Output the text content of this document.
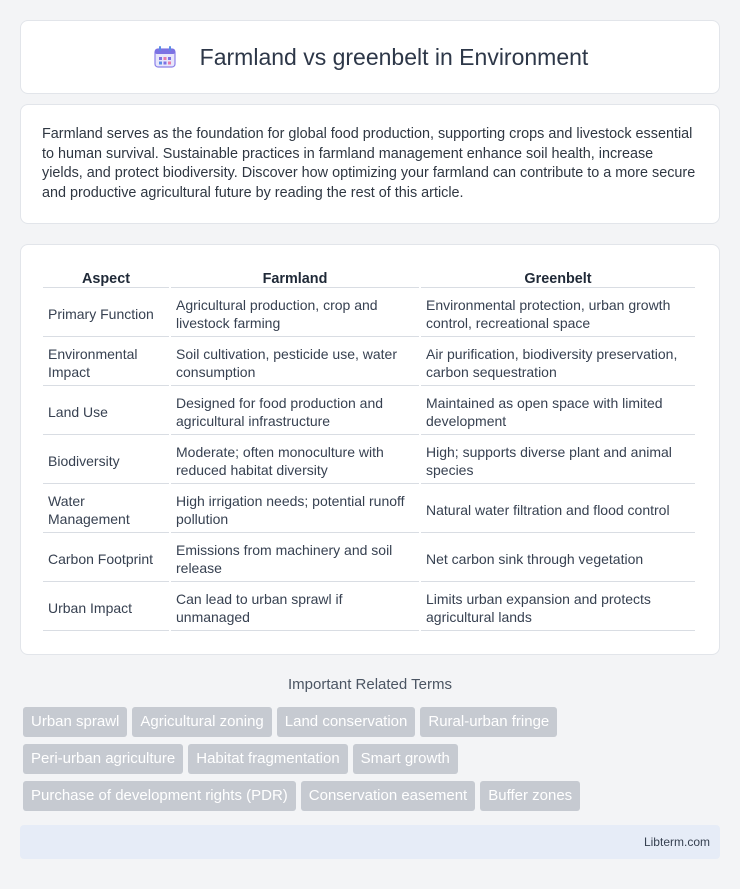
Farmland vs greenbelt in Environment

Farmland serves as the foundation for global food production, supporting crops and livestock essential to human survival. Sustainable practices in farmland management enhance soil health, increase yields, and protect biodiversity. Discover how optimizing your farmland can contribute to a more secure and productive agricultural future by reading the rest of this article.

Aspect	Farmland	Greenbelt
Primary Function	Agricultural production, crop and livestock farming	Environmental protection, urban growth control, recreational space
Environmental Impact	Soil cultivation, pesticide use, water consumption	Air purification, biodiversity preservation, carbon sequestration
Land Use	Designed for food production and agricultural infrastructure	Maintained as open space with limited development
Biodiversity	Moderate; often monoculture with reduced habitat diversity	High; supports diverse plant and animal species
Water Management	High irrigation needs; potential runoff pollution	Natural water filtration and flood control
Carbon Footprint	Emissions from machinery and soil release	Net carbon sink through vegetation
Urban Impact	Can lead to urban sprawl if unmanaged	Limits urban expansion and protects agricultural lands
Important Related Terms
Urban sprawl Agricultural zoning Land conservation Rural-urban fringe
Peri-urban agriculture Habitat fragmentation Smart growth
Purchase of development rights (PDR) Conservation easement Buffer zones
Libterm.com
